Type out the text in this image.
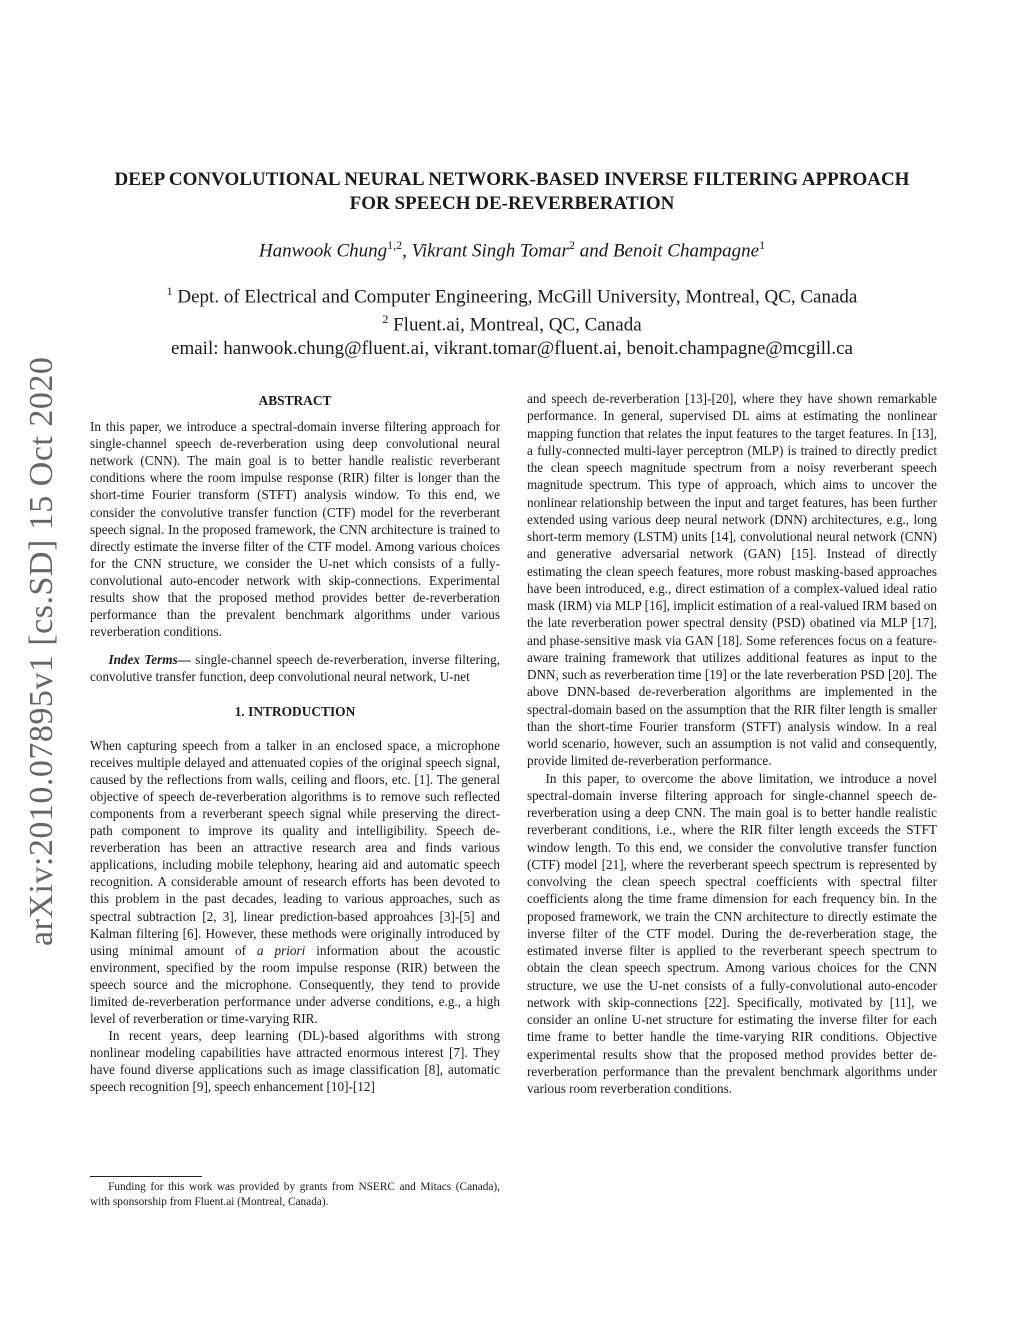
arXiv:2010.07895v1 [cs.SD] 15 Oct 2020
DEEP CONVOLUTIONAL NEURAL NETWORK-BASED INVERSE FILTERING APPROACH
FOR SPEECH DE-REVERBERATION
Hanwook Chung$^{1,2}$, Vikrant Singh Tomar$^2$ and Benoit Champagne$^1$
$^1$ Dept. of Electrical and Computer Engineering, McGill University, Montreal, QC, Canada
$^2$ Fluent.ai, Montreal, QC, Canada
email: hanwook.chung@fluent.ai, vikrant.tomar@fluent.ai, benoit.champagne@mcgill.ca
ABSTRACT

In this paper, we introduce a spectral-domain inverse filtering approach for single-channel speech de-reverberation using deep convolutional neural network (CNN). The main goal is to better handle realistic reverberant conditions where the room impulse response (RIR) filter is longer than the short-time Fourier transform (STFT) analysis window. To this end, we consider the convolutive transfer function (CTF) model for the reverberant speech signal. In the proposed framework, the CNN architecture is trained to directly estimate the inverse filter of the CTF model. Among various choices for the CNN structure, we consider the U-net which consists of a fully-convolutional auto-encoder network with skip-connections. Experimental results show that the proposed method provides better de-reverberation performance than the prevalent benchmark algorithms under various reverberation conditions.

Index Terms— single-channel speech de-reverberation, inverse filtering, convolutive transfer function, deep convolutional neural network, U-net

1. INTRODUCTION

When capturing speech from a talker in an enclosed space, a microphone receives multiple delayed and attenuated copies of the original speech signal, caused by the reflections from walls, ceiling and floors, etc. [1]. The general objective of speech de-reverberation algorithms is to remove such reflected components from a reverberant speech signal while preserving the direct-path component to improve its quality and intelligibility. Speech de-reverberation has been an attractive research area and finds various applications, including mobile telephony, hearing aid and automatic speech recognition. A considerable amount of research efforts has been devoted to this problem in the past decades, leading to various approaches, such as spectral subtraction [2, 3], linear prediction-based approahces [3]-[5] and Kalman filtering [6]. However, these methods were originally introduced by using minimal amount of a priori information about the acoustic environment, specified by the room impulse response (RIR) between the speech source and the microphone. Consequently, they tend to provide limited de-reverberation performance under adverse conditions, e.g., a high level of reverberation or time-varying RIR.

In recent years, deep learning (DL)-based algorithms with strong nonlinear modeling capabilities have attracted enormous interest [7]. They have found diverse applications such as image classification [8], automatic speech recognition [9], speech enhancement [10]-[12]

Funding for this work was provided by grants from NSERC and Mitacs (Canada), with sponsorship from Fluent.ai (Montreal, Canada).

and speech de-reverberation [13]-[20], where they have shown remarkable performance. In general, supervised DL aims at estimating the nonlinear mapping function that relates the input features to the target features. In [13], a fully-connected multi-layer perceptron (MLP) is trained to directly predict the clean speech magnitude spectrum from a noisy reverberant speech magnitude spectrum. This type of approach, which aims to uncover the nonlinear relationship between the input and target features, has been further extended using various deep neural network (DNN) architectures, e.g., long short-term memory (LSTM) units [14], convolutional neural network (CNN) and generative adversarial network (GAN) [15]. Instead of directly estimating the clean speech features, more robust masking-based approaches have been introduced, e.g., direct estimation of a complex-valued ideal ratio mask (IRM) via MLP [16], implicit estimation of a real-valued IRM based on the late reverberation power spectral density (PSD) obatined via MLP [17], and phase-sensitive mask via GAN [18]. Some references focus on a feature-aware training framework that utilizes additional features as input to the DNN, such as reverberation time [19] or the late reverberation PSD [20]. The above DNN-based de-reverberation algorithms are implemented in the spectral-domain based on the assumption that the RIR filter length is smaller than the short-time Fourier transform (STFT) analysis window. In a real world scenario, however, such an assumption is not valid and consequently, provide limited de-reverberation performance.

In this paper, to overcome the above limitation, we introduce a novel spectral-domain inverse filtering approach for single-channel speech de-reverberation using a deep CNN. The main goal is to better handle realistic reverberant conditions, i.e., where the RIR filter length exceeds the STFT window length. To this end, we consider the convolutive transfer function (CTF) model [21], where the reverberant speech spectrum is represented by convolving the clean speech spectral coefficients with spectral filter coefficients along the time frame dimension for each frequency bin. In the proposed framework, we train the CNN architecture to directly estimate the inverse filter of the CTF model. During the de-reverberation stage, the estimated inverse filter is applied to the reverberant speech spectrum to obtain the clean speech spectrum. Among various choices for the CNN structure, we use the U-net consists of a fully-convolutional auto-encoder network with skip-connections [22]. Specifically, motivated by [11], we consider an online U-net structure for estimating the inverse filter for each time frame to better handle the time-varying RIR conditions. Objective experimental results show that the proposed method provides better de-reverberation performance than the prevalent benchmark algorithms under various room reverberation conditions.
